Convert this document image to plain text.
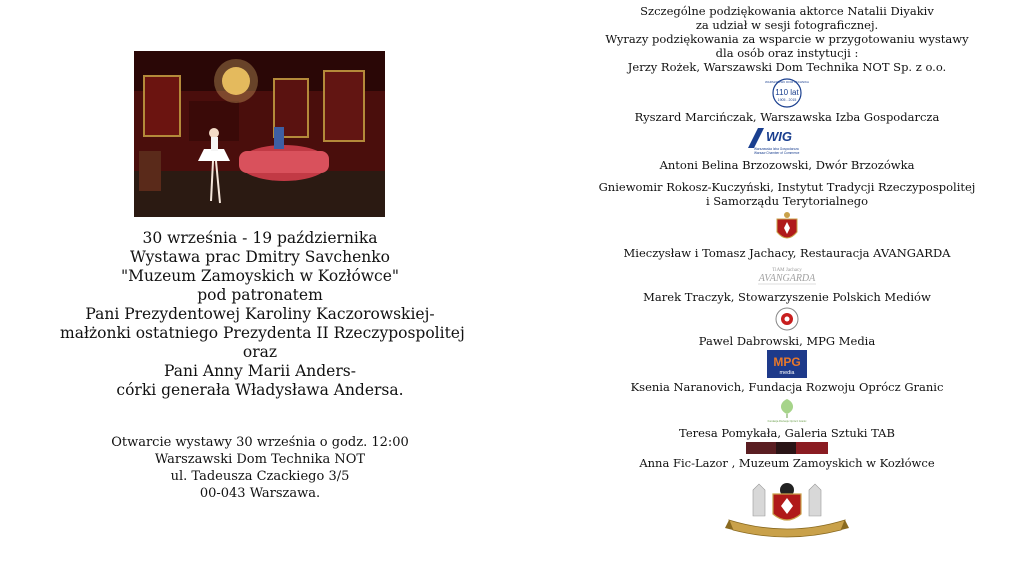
30 września - 19 października
Wystawa prac Dmitry Savchenko
"Muzeum Zamoyskich w Kozłówce"
pod patronatem
Pani Prezydentowej Karoliny Kaczorowskiej-
małżonki ostatniego Prezydenta II Rzeczypospolitej
oraz
Pani Anny Marii Anders-
córki generała Władysława Andersa.
Otwarcie wystawy 30 września o godz. 12:00
Warszawski Dom Technika NOT
ul. Tadeusza Czackiego 3/5
00-043 Warszawa.
Szczególne podziękowania aktorce Natalii Diyakiv
za udział w sesji fotograficznej.
Wyrazy podziękowania za wsparcie w przygotowaniu wystawy
dla osób oraz instytucji :
Jerzy Rożek, Warszawski Dom Technika NOT Sp. z o.o.
WARSZAWSKI DOM TECHNIKA
110 lat
1905 - 2015
Ryszard Marcińczak, Warszawska Izba Gospodarcza
WIG
Warszawska Izba Gospodarcza
Warsaw Chamber of Commerce
Antoni Belina Brzozowski, Dwór Brzozówka
Gniewomir Rokosz-Kuczyński, Instytut Tradycji Rzeczypospolitej
i Samorządu Terytorialnego
Mieczysław i Tomasz Jachacy, Restauracja AVANGARDA
TiAM Jachacy
AVANGARDA
Marek Traczyk, Stowarzyszenie Polskich Mediów
Pawel Dabrowski, MPG Media
MPG
media
Ksenia Naranovich, Fundacja Rozwoju Oprócz Granic
Fundacja Rozwoju Oprócz Granic
Teresa Pomykała, Galeria Sztuki TAB
Anna Fic-Lazor , Muzeum Zamoyskich w Kozłówce
